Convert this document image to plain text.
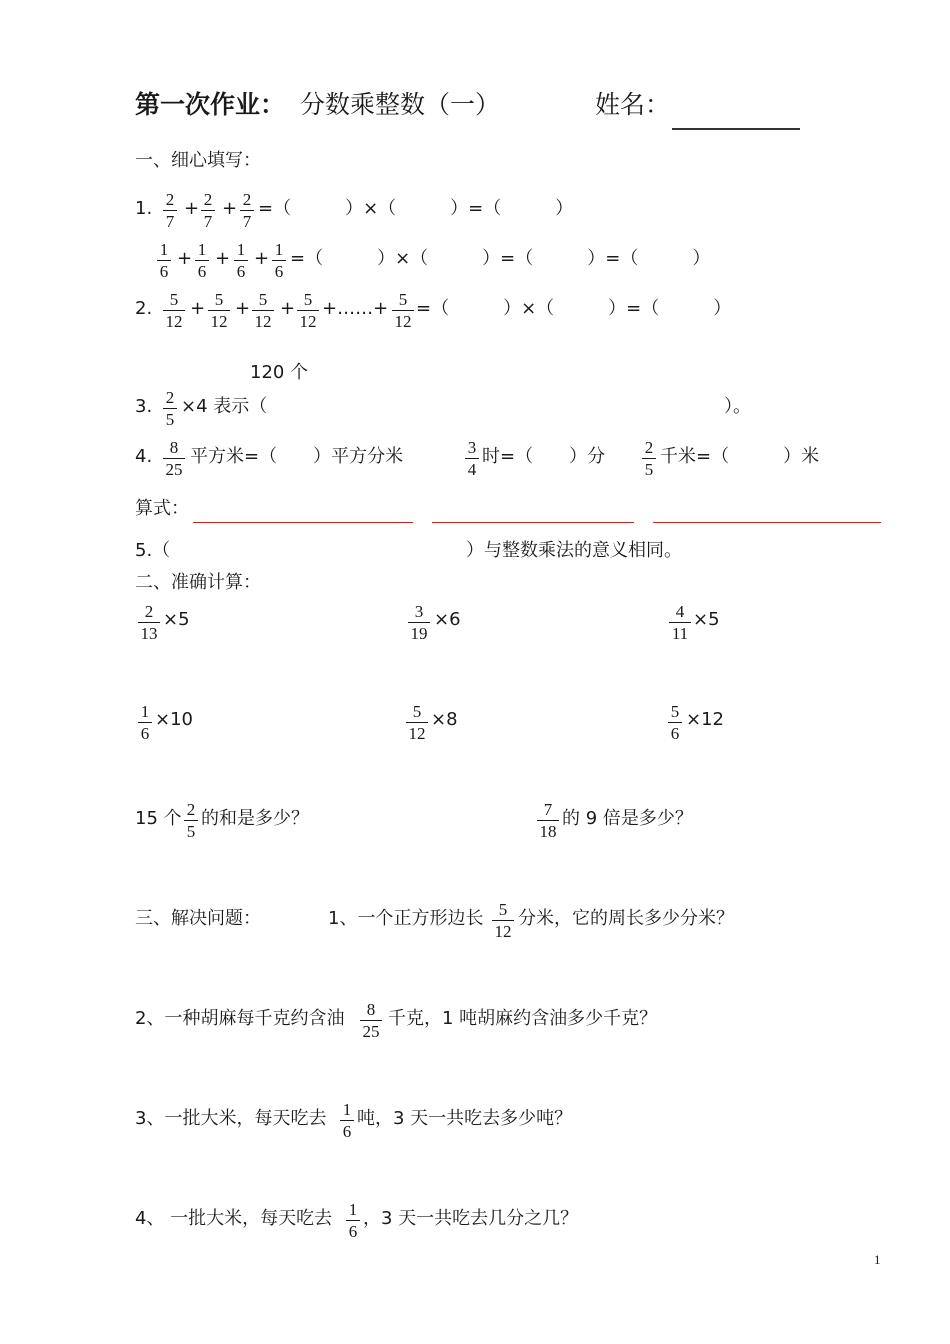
第一次作业： 分数乘整数（一）	姓名：
一、细心填写：
1. 2
7
+ 2
7
+ 2
7
=（　　　）×（　　　）=（　　　）
1
6
+ 1
6
+ 1
6
+ 1
6
=（　　　）×（　　　）=（　　　）=（　　　）
2. 5
12
+ 5
12
+ 5
12
+ 5
12
+……+ 5
12
=（　　　）×（　　　）=（　　　）
120 个
3. 2
5
×4 表示（	）。
4. 8
25
平方米=（　　）平方分米	3
4
时=（　　）分 2
5
千米=（　　　）米
算式：
5.（	）与整数乘法的意义相同。
二、准确计算：
2
13
×5	3
19
×6	4
11
×5
1
6
×10	5
12
×8	5
6
×12
15 个 2
5
的和是多少？	7
18
的 9 倍是多少？
三、解决问题：	1、一个正方形边长 5
12
分米，它的周长多少分米？
2、一种胡麻每千克约含油 8
25
千克，1 吨胡麻约含油多少千克？
3、一批大米，每天吃去 1
6
吨，3 天一共吃去多少吨？
4、 一批大米，每天吃去 1
6
，3 天一共吃去几分之几？
1
